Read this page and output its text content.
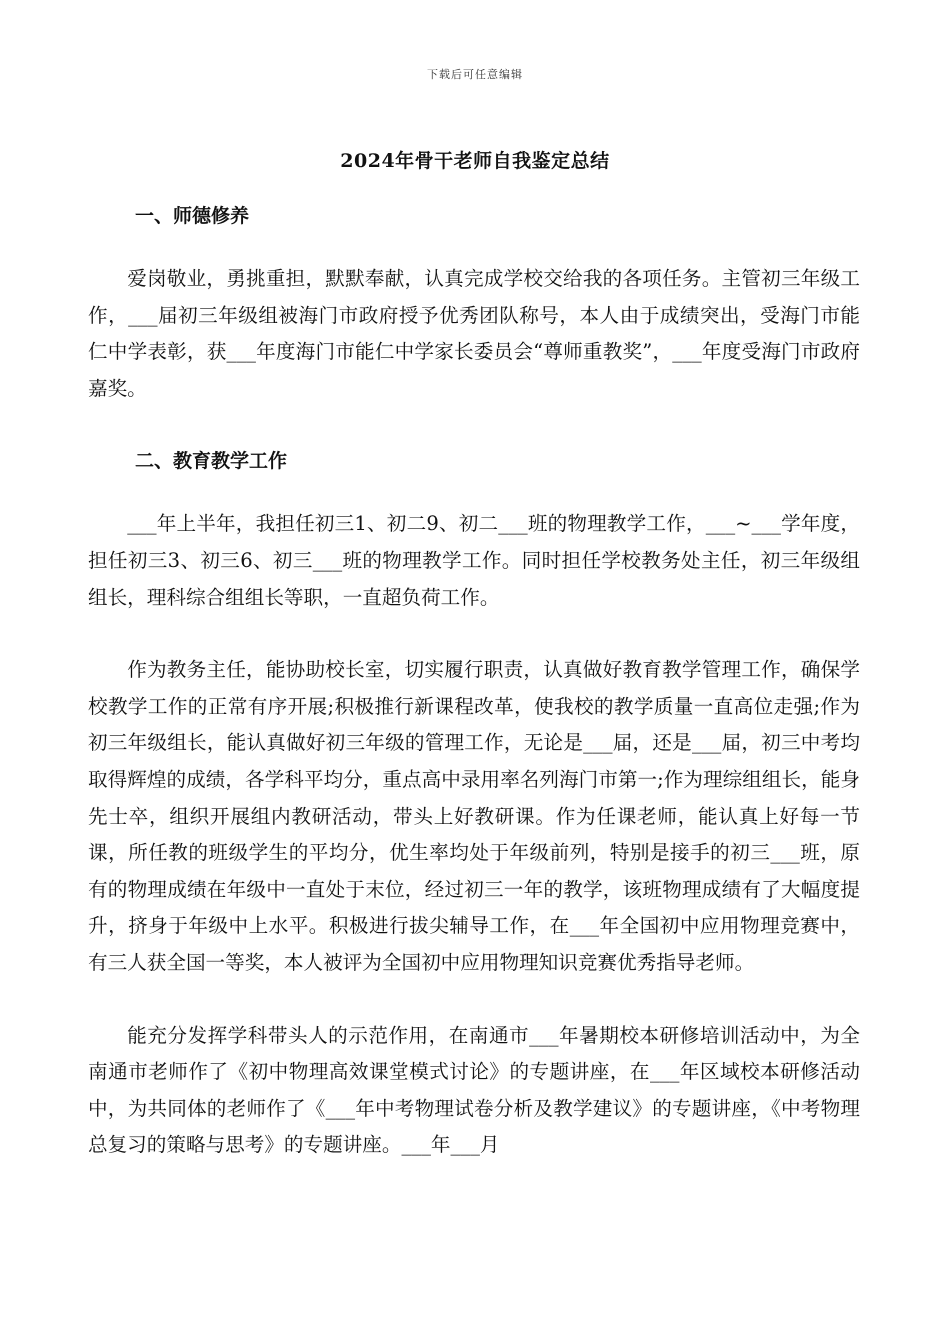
下载后可任意编辑
2024年骨干老师自我鉴定总结
一、师德修养

爱岗敬业，勇挑重担，默默奉献，认真完成学校交给我的各项任务。主管初三年级工作，___届初三年级组被海门市政府授予优秀团队称号，本人由于成绩突出，受海门市能仁中学表彰，获___年度海门市能仁中学家长委员会“尊师重教奖”，___年度受海门市政府嘉奖。

二、教育教学工作

___年上半年，我担任初三1、初二9、初二___班的物理教学工作，___~___学年度，担任初三3、初三6、初三___班的物理教学工作。同时担任学校教务处主任，初三年级组组长，理科综合组组长等职，一直超负荷工作。

作为教务主任，能协助校长室，切实履行职责，认真做好教育教学管理工作，确保学校教学工作的正常有序开展;积极推行新课程改革，使我校的教学质量一直高位走强;作为初三年级组长，能认真做好初三年级的管理工作，无论是___届，还是___届，初三中考均取得辉煌的成绩，各学科平均分，重点高中录用率名列海门市第一;作为理综组组长，能身先士卒，组织开展组内教研活动，带头上好教研课。作为任课老师，能认真上好每一节课，所任教的班级学生的平均分，优生率均处于年级前列，特别是接手的初三___班，原有的物理成绩在年级中一直处于末位，经过初三一年的教学，该班物理成绩有了大幅度提升，挤身于年级中上水平。积极进行拔尖辅导工作，在___年全国初中应用物理竞赛中，有三人获全国一等奖，本人被评为全国初中应用物理知识竞赛优秀指导老师。

能充分发挥学科带头人的示范作用，在南通市___年暑期校本研修培训活动中，为全南通市老师作了《初中物理高效课堂模式讨论》的专题讲座，在___年区域校本研修活动中，为共同体的老师作了《___年中考物理试卷分析及教学建议》的专题讲座，《中考物理总复习的策略与思考》的专题讲座。___年___月
